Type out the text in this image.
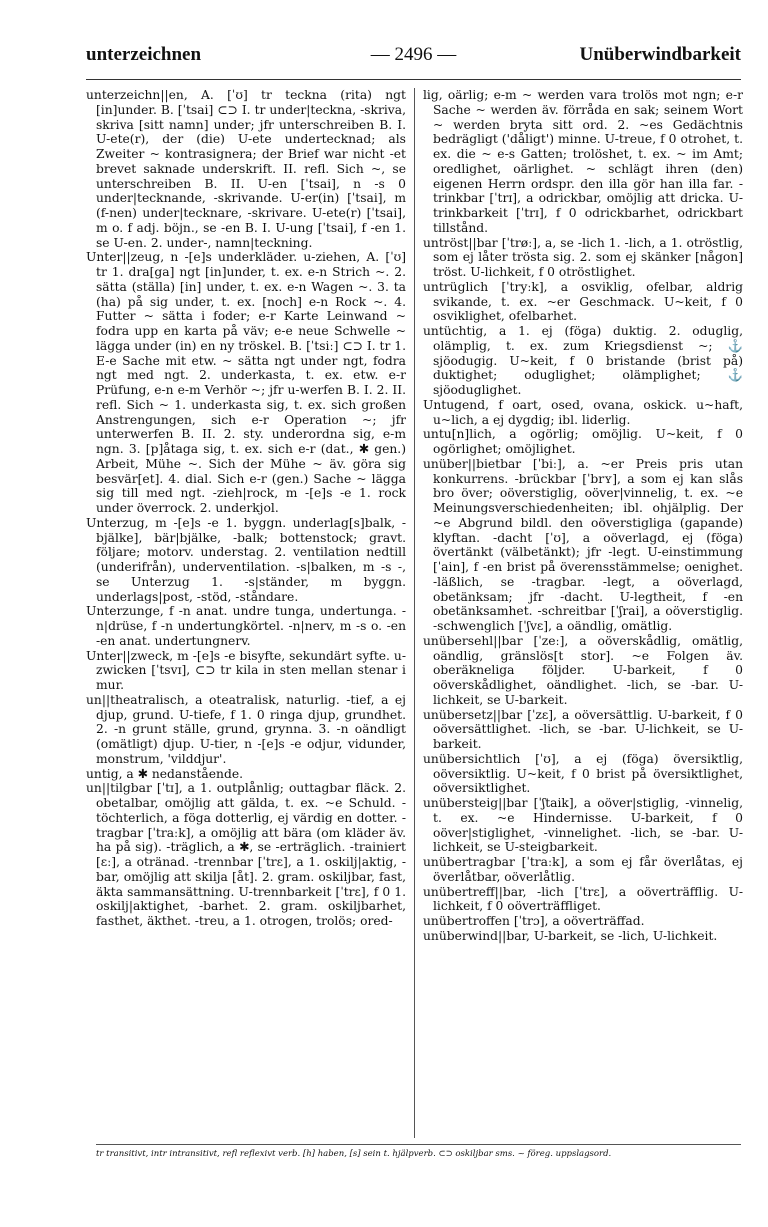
unterzeichnen	— 2496 —	Unüberwindbarkeit

unterzeichn||en, A. [ˈʊ] tr teckna (rita) ngt [in]under. B. [ˈtsai] ⊂⊃ I. tr under|teckna, -skriva, skriva [sitt namn] under; jfr unterschreiben B. I. U-ete(r), der (die) U-ete undertecknad; als Zweiter ~ kontrasignera; der Brief war nicht -et brevet saknade underskrift. II. refl. Sich ~, se unterschreiben B. II. U-en [ˈtsai], n -s 0 under|tecknande, -skrivande. U-er(in) [ˈtsai], m (f-nen) under|tecknare, -skrivare. U-ete(r) [ˈtsai], m o. f adj. böjn., se -en B. I. U-ung [ˈtsai], f -en 1. se U-en. 2. under-, namn|teckning.

Unter||zeug, n -[e]s underkläder. u-ziehen, A. [ˈʊ] tr 1. dra[ga] ngt [in]under, t. ex. e-n Strich ~. 2. sätta (ställa) [in] under, t. ex. e-n Wagen ~. 3. ta (ha) på sig under, t. ex. [noch] e-n Rock ~. 4. Futter ~ sätta i foder; e-r Karte Leinwand ~ fodra upp en karta på väv; e-e neue Schwelle ~ lägga under (in) en ny tröskel. B. [ˈtsiː] ⊂⊃ I. tr 1. E-e Sache mit etw. ~ sätta ngt under ngt, fodra ngt med ngt. 2. underkasta, t. ex. etw. e-r Prüfung, e-n e-m Verhör ~; jfr u-werfen B. I. 2. II. refl. Sich ~ 1. underkasta sig, t. ex. sich großen Anstrengungen, sich e-r Operation ~; jfr unterwerfen B. II. 2. sty. underordna sig, e-m ngn. 3. [p]åtaga sig, t. ex. sich e-r (dat., ✱ gen.) Arbeit, Mühe ~. Sich der Mühe ~ äv. göra sig besvär[et]. 4. dial. Sich e-r (gen.) Sache ~ lägga sig till med ngt. -zieh|rock, m -[e]s -e 1. rock under överrock. 2. underkjol.

Unterzug, m -[e]s -e 1. byggn. underlag[s]balk, -bjälke], bär|bjälke, -balk; bottenstock; gravt. följare; motorv. understag. 2. ventilation nedtill (underifrån), underventilation. -s|balken, m -s -, se Unterzug 1. -s|ständer, m byggn. underlags|post, -stöd, -ståndare.

Unterzunge, f -n anat. undre tunga, undertunga. -n|drüse, f -n undertungkörtel. -n|nerv, m -s o. -en -en anat. undertungnerv.

Unter||zweck, m -[e]s -e bisyfte, sekundärt syfte. u-zwicken [ˈtsvɪ], ⊂⊃ tr kila in sten mellan stenar i mur.

un||theatralisch, a oteatralisk, naturlig. -tief, a ej djup, grund. U-tiefe, f 1. 0 ringa djup, grundhet. 2. -n grunt ställe, grund, grynna. 3. -n oändligt (omätligt) djup. U-tier, n -[e]s -e odjur, vidunder, monstrum, 'vilddjur'.

untig, a ✱ nedanstående.

un||tilgbar [ˈtɪ], a 1. outplånlig; outtagbar fläck. 2. obetalbar, omöjlig att gälda, t. ex. ~e Schuld. -töchterlich, a föga dotterlig, ej värdig en dotter. -tragbar [ˈtraːk], a omöjlig att bära (om kläder äv. ha på sig). -träglich, a ✱, se -erträglich. -trainiert [ɛː], a otränad. -trennbar [ˈtrɛ], a 1. oskilj|aktig, -bar, omöjlig att skilja [åt]. 2. gram. oskiljbar, fast, äkta sammansättning. U-trennbarkeit [ˈtrɛ], f 0 1. oskilj|aktighet, -barhet. 2. gram. oskiljbarhet, fasthet, äkthet. -treu, a 1. otrogen, trolös; ored-

lig, oärlig; e-m ~ werden vara trolös mot ngn; e-r Sache ~ werden äv. förråda en sak; seinem Wort ~ werden bryta sitt ord. 2. ~es Gedächtnis bedrägligt ('dåligt') minne. U-treue, f 0 otrohet, t. ex. die ~ e-s Gatten; trolöshet, t. ex. ~ im Amt; oredlighet, oärlighet. ~ schlägt ihren (den) eigenen Herrn ordspr. den illa gör han illa far. -trinkbar [ˈtrɪ], a odrickbar, omöjlig att dricka. U-trinkbarkeit [ˈtrɪ], f 0 odrickbarhet, odrickbart tillstånd.

untröst||bar [ˈtrøː], a, se -lich 1. -lich, a 1. otröstlig, som ej låter trösta sig. 2. som ej skänker [någon] tröst. U-lichkeit, f 0 otröstlighet.

untrüglich [ˈtryːk], a osviklig, ofelbar, aldrig svikande, t. ex. ~er Geschmack. U~keit, f 0 osviklighet, ofelbarhet.

untüchtig, a 1. ej (föga) duktig. 2. oduglig, olämplig, t. ex. zum Kriegsdienst ~; ⚓ sjöodugig. U~keit, f 0 bristande (brist på) duktighet; oduglighet; olämplighet; ⚓ sjöoduglighet.

Untugend, f oart, osed, ovana, oskick. u~haft, u~lich, a ej dygdig; ibl. liderlig.

untu[n]lich, a ogörlig; omöjlig. U~keit, f 0 ogörlighet; omöjlighet.

unüber||bietbar [ˈbiː], a. ~er Preis pris utan konkurrens. -brückbar [ˈbrʏ], a som ej kan slås bro över; oöverstiglig, oöver|vinnelig, t. ex. ~e Meinungsverschiedenheiten; ibl. ohjälplig. Der ~e Abgrund bildl. den oöverstigliga (gapande) klyftan. -dacht [ˈʊ], a oöverlagd, ej (föga) övertänkt (välbetänkt); jfr -legt. U-einstimmung [ˈain], f -en brist på överensstämmelse; oenighet. -läßlich, se -tragbar. -legt, a oöverlagd, obetänksam; jfr -dacht. U-legtheit, f -en obetänksamhet. -schreitbar [ˈʃrai], a oöverstiglig. -schwenglich [ˈʃvɛ], a oändlig, omätlig.

unübersehl||bar [ˈzeː], a oöverskådlig, omätlig, oändlig, gränslös[t stor]. ~e Folgen äv. oberäkneliga följder. U-barkeit, f 0 oöverskådlighet, oändlighet. -lich, se -bar. U-lichkeit, se U-barkeit.

unübersetz||bar [ˈzɛ], a oöversättlig. U-barkeit, f 0 oöversättlighet. -lich, se -bar. U-lichkeit, se U-barkeit.

unübersichtlich [ˈʊ], a ej (föga) översiktlig, oöversiktlig. U~keit, f 0 brist på översiktlighet, oöversiktlighet.

unübersteig||bar [ˈʃtaik], a oöver|stiglig, -vinnelig, t. ex. ~e Hindernisse. U-barkeit, f 0 oöver|stiglighet, -vinnelighet. -lich, se -bar. U-lichkeit, se U-steigbarkeit.

unübertragbar [ˈtraːk], a som ej får överlåtas, ej överlåtbar, oöverlåtlig.

unübertreff||bar, -lich [ˈtrɛ], a oöverträfflig. U-lichkeit, f 0 oöverträffliget.

unübertroffen [ˈtrɔ], a oöverträffad.

unüberwind||bar, U-barkeit, se -lich, U-lichkeit.

tr transitivt, intr intransitivt, refl reflexivt verb. [h] haben, [s] sein t. hjälpverb. ⊂⊃ oskiljbar sms. ~ föreg. uppslagsord.
